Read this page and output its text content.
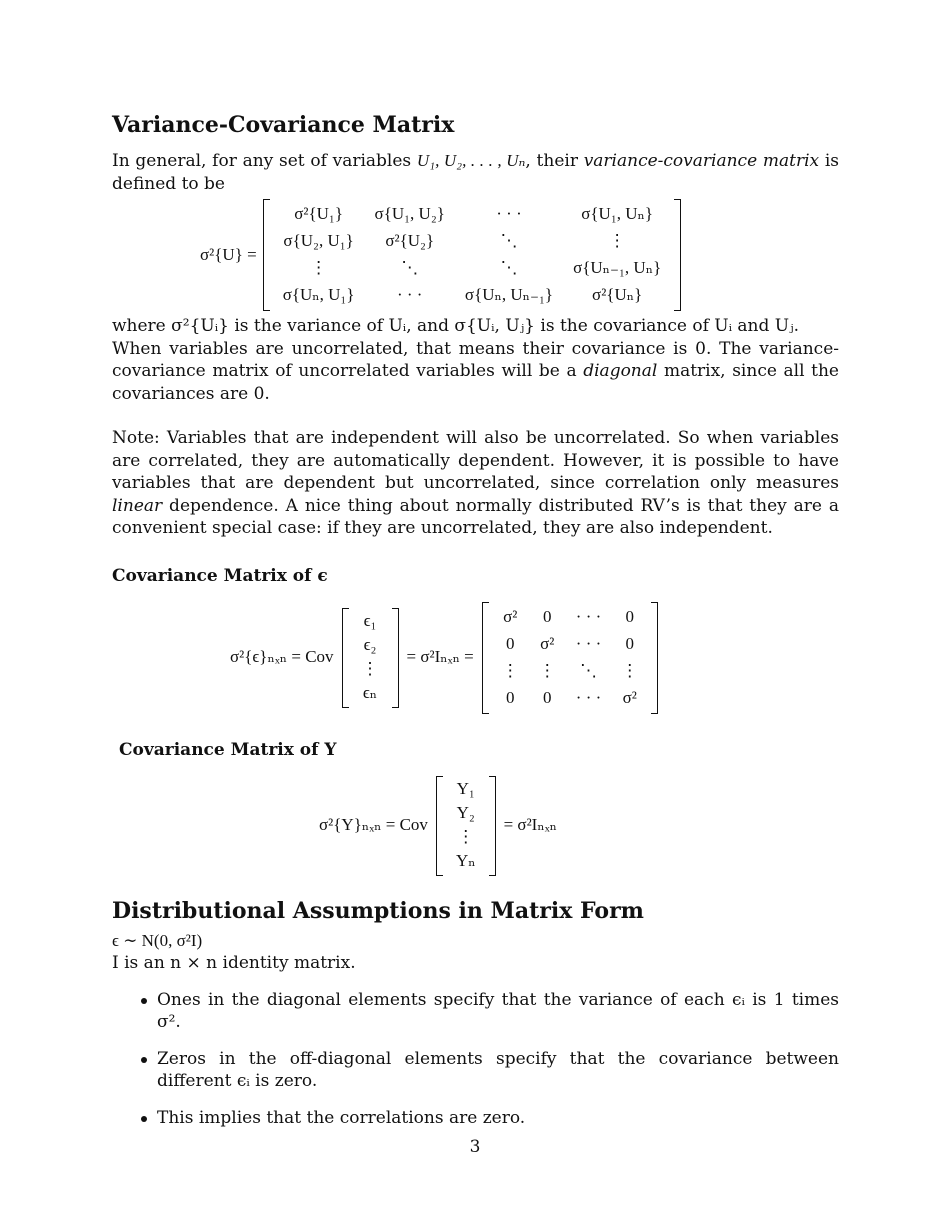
Variance-Covariance Matrix

In general, for any set of variables U₁, U₂, . . . , Uₙ, their variance-covariance matrix is defined to be

σ²{U} =
σ²{U₁}	σ{U₁, U₂}	· · ·	σ{U₁, Uₙ}
σ{U₂, U₁}	σ²{U₂}	⋱	⋮
⋮	⋱	⋱	σ{Uₙ₋₁, Uₙ}
σ{Uₙ, U₁}	· · ·	σ{Uₙ, Uₙ₋₁}	σ²{Uₙ}

where σ²{Uᵢ} is the variance of Uᵢ, and σ{Uᵢ, Uⱼ} is the covariance of Uᵢ and Uⱼ.

When variables are uncorrelated, that means their covariance is 0. The variance-covariance matrix of uncorrelated variables will be a diagonal matrix, since all the covariances are 0.

Note: Variables that are independent will also be uncorrelated. So when variables are correlated, they are automatically dependent. However, it is possible to have variables that are dependent but uncorrelated, since correlation only measures linear dependence. A nice thing about normally distributed RV’s is that they are a convenient special case: if they are uncorrelated, they are also independent.

Covariance Matrix of ϵ
σ²{ϵ}ₙₓₙ = Cov
ϵ₁
ϵ₂
⋮
ϵₙ
= σ²Iₙₓₙ =
σ²	0	· · ·	0
0	σ²	· · ·	0
⋮	⋮	⋱	⋮
0	0	· · ·	σ²
Covariance Matrix of Y
σ²{Y}ₙₓₙ = Cov
Y₁
Y₂
⋮
Yₙ
= σ²Iₙₓₙ
Distributional Assumptions in Matrix Form

ϵ ∼ N(0, σ²I)

I is an n × n identity matrix.

Ones in the diagonal elements specify that the variance of each ϵᵢ is 1 times σ².
Zeros in the off-diagonal elements specify that the covariance between different ϵᵢ is zero.
This implies that the correlations are zero.
3
